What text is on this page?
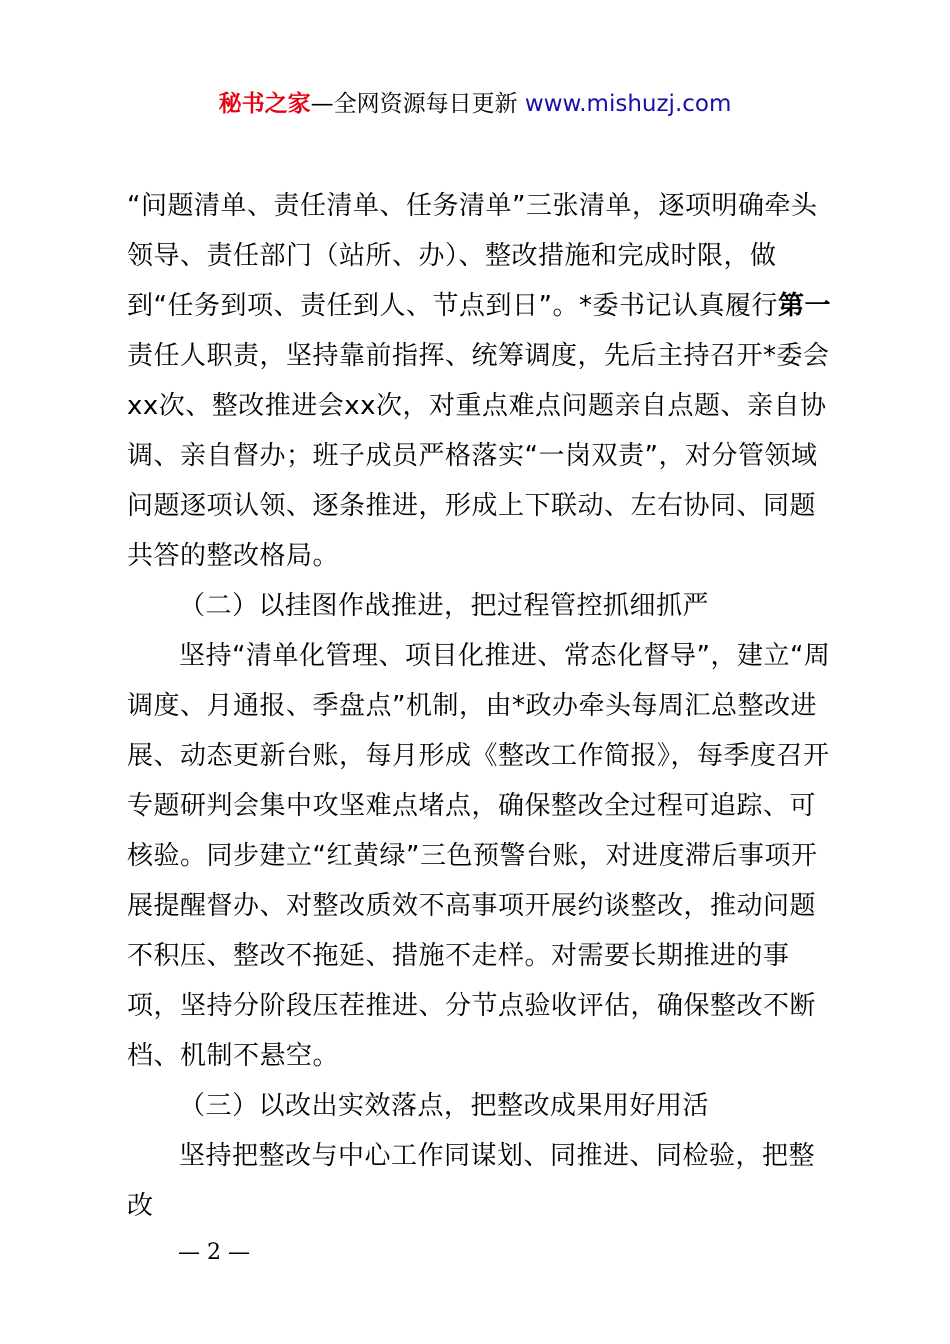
秘书之家—全网资源每日更新 www.mishuzj.com

“问题清单、责任清单、任务清单”三张清单，逐项明确牵头领导、责任部门（站所、办）、整改措施和完成时限，做到“任务到项、责任到人、节点到日”。*委书记认真履行第一责任人职责，坚持靠前指挥、统筹调度，先后主持召开*委会xx次、整改推进会xx次，对重点难点问题亲自点题、亲自协调、亲自督办；班子成员严格落实“一岗双责”，对分管领域问题逐项认领、逐条推进，形成上下联动、左右协同、同题共答的整改格局。

（二）以挂图作战推进，把过程管控抓细抓严

坚持“清单化管理、项目化推进、常态化督导”，建立“周调度、月通报、季盘点”机制，由*政办牵头每周汇总整改进展、动态更新台账，每月形成《整改工作简报》，每季度召开专题研判会集中攻坚难点堵点，确保整改全过程可追踪、可核验。同步建立“红黄绿”三色预警台账，对进度滞后事项开展提醒督办、对整改质效不高事项开展约谈整改，推动问题不积压、整改不拖延、措施不走样。对需要长期推进的事项，坚持分阶段压茬推进、分节点验收评估，确保整改不断档、机制不悬空。

（三）以改出实效落点，把整改成果用好用活

坚持把整改与中心工作同谋划、同推进、同检验，把整改

— 2 —
